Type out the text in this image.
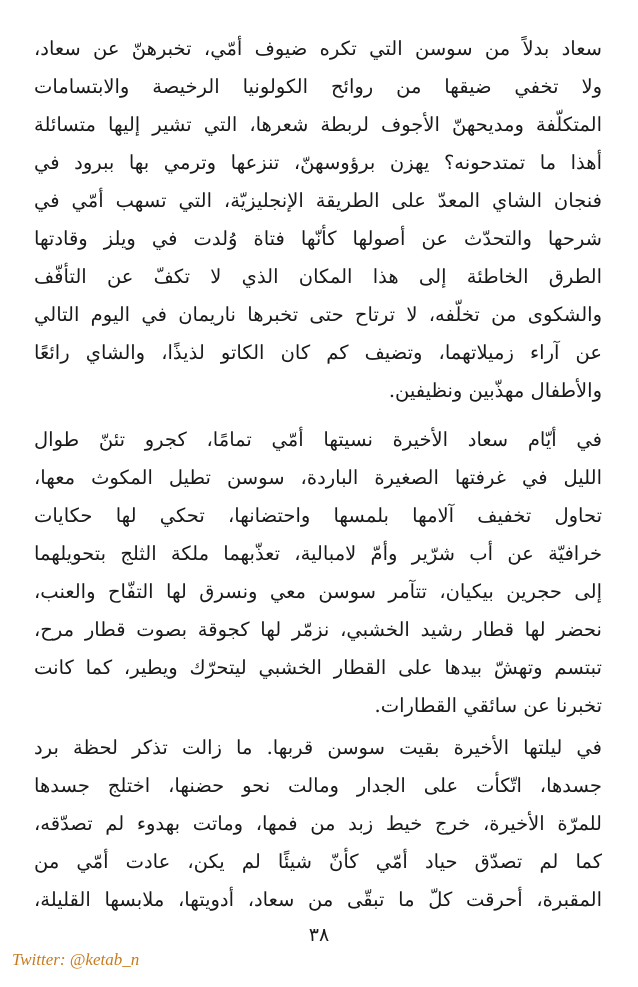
سعاد بدلاً من سوسن التي تكره ضيوف أمّي، تخبرهنّ عن سعاد،
ولا تخفي ضيقها من روائح الكولونيا الرخيصة والابتسامات
المتكلّفة ومديحهنّ الأجوف لربطة شعرها، التي تشير إليها متسائلة
أهذا ما تمتدحونه؟ يهزن برؤوسهنّ، تنزعها وترمي بها ببرود في
فنجان الشاي المعدّ على الطريقة الإنجليزيّة، التي تسهب أمّي في
شرحها والتحدّث عن أصولها كأنّها فتاة وُلدت في ويلز وقادتها
الطرق الخاطئة إلى هذا المكان الذي لا تكفّ عن التأفّف
والشكوى من تخلّفه، لا ترتاح حتى تخبرها ناريمان في اليوم التالي
عن آراء زميلاتهما، وتضيف كم كان الكاتو لذيذًا، والشاي رائعًا
والأطفال مهذّبين ونظيفين.
في أيّام سعاد الأخيرة نسيتها أمّي تمامًا، كجرو تئنّ طوال
الليل في غرفتها الصغيرة الباردة، سوسن تطيل المكوث معها،
تحاول تخفيف آلامها بلمسها واحتضانها، تحكي لها حكايات
خرافيّة عن أب شرّير وأمّ لامبالية، تعذّبهما ملكة الثلج بتحويلهما
إلى حجرين بيكيان، تتآمر سوسن معي ونسرق لها التفّاح والعنب،
نحضر لها قطار رشيد الخشبي، نزمّر لها كجوقة بصوت قطار مرح،
تبتسم وتهشّ بيدها على القطار الخشبي ليتحرّك ويطير، كما كانت
تخبرنا عن سائقي القطارات.
في ليلتها الأخيرة بقيت سوسن قربها. ما زالت تذكر لحظة برد
جسدها، اتّكأت على الجدار ومالت نحو حضنها، اختلج جسدها
للمرّة الأخيرة، خرج خيط زبد من فمها، وماتت بهدوء لم تصدّقه،
كما لم تصدّق حياد أمّي كأنّ شيئًا لم يكن، عادت أمّي من
المقبرة، أحرقت كلّ ما تبقّى من سعاد، أدويتها، ملابسها القليلة،
٣٨
Twitter: @ketab_n
